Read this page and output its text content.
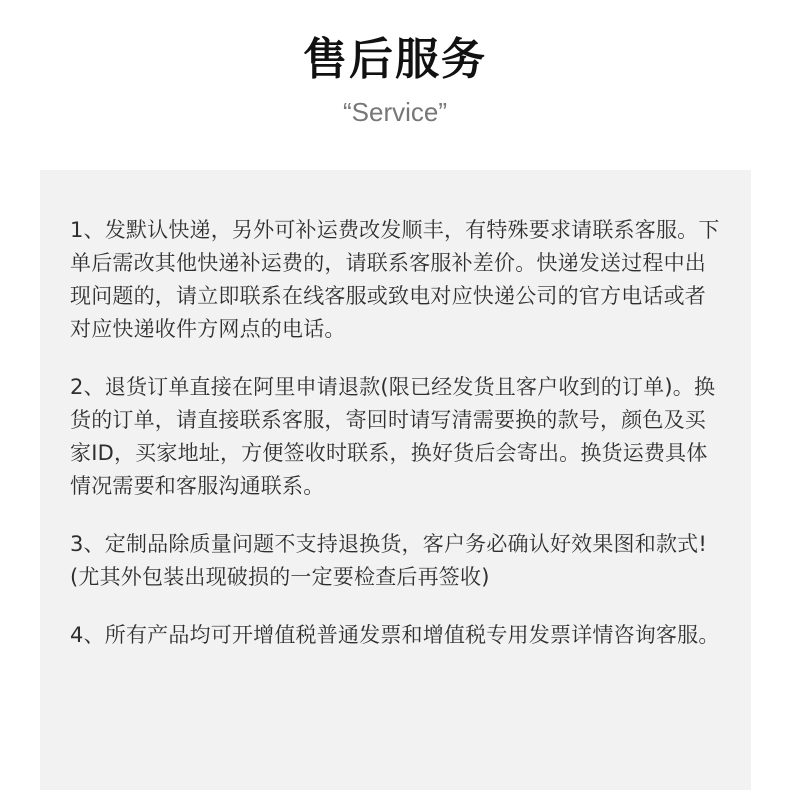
售后服务
“Service”

1、发默认快递，另外可补运费改发顺丰，有特殊要求请联系客服。下单后需改其他快递补运费的，请联系客服补差价。快递发送过程中出现问题的，请立即联系在线客服或致电对应快递公司的官方电话或者对应快递收件方网点的电话。

2、退货订单直接在阿里申请退款(限已经发货且客户收到的订单)。换货的订单，请直接联系客服，寄回时请写清需要换的款号，颜色及买家ID，买家地址，方便签收时联系，换好货后会寄出。换货运费具体情况需要和客服沟通联系。

3、定制品除质量问题不支持退换货，客户务必确认好效果图和款式!(尤其外包装出现破损的一定要检查后再签收)

4、所有产品均可开增值税普通发票和增值税专用发票详情咨询客服。
